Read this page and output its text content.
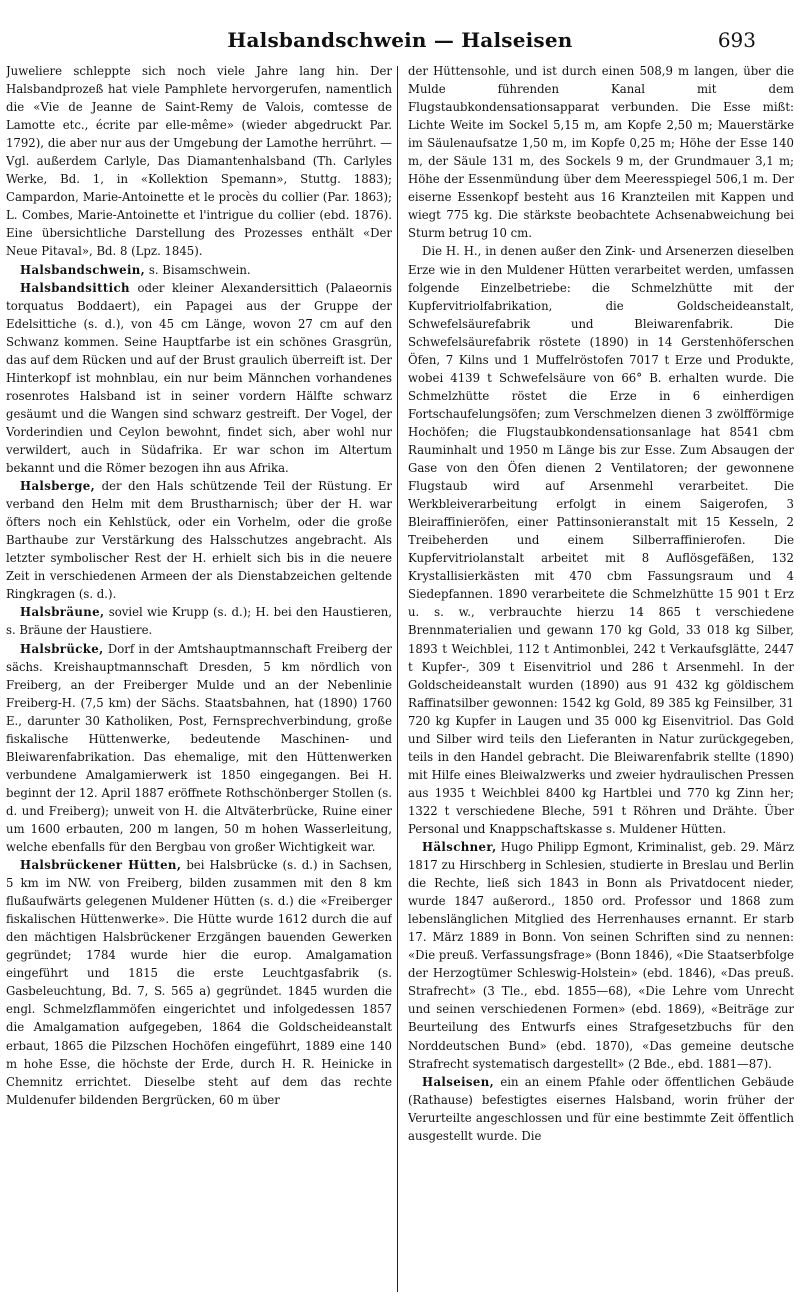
Halsbandschwein — Halseisen	693

Juweliere schleppte sich noch viele Jahre lang hin. Der Halsbandprozeß hat viele Pamphlete hervorgerufen, namentlich die «Vie de Jeanne de Saint-Remy de Valois, comtesse de Lamotte etc., écrite par elle-même» (wieder abgedruckt Par. 1792), die aber nur aus der Umgebung der Lamothe herrührt. — Vgl. außerdem Carlyle, Das Diamantenhalsband (Th. Carlyles Werke, Bd. 1, in «Kollektion Spemann», Stuttg. 1883); Campardon, Marie-Antoinette et le procès du collier (Par. 1863); L. Combes, Marie-Antoinette et l'intrigue du collier (ebd. 1876). Eine übersichtliche Darstellung des Prozesses enthält «Der Neue Pitaval», Bd. 8 (Lpz. 1845).

Halsbandschwein, s. Bisamschwein.

Halsbandsittich oder kleiner Alexandersittich (Palaeornis torquatus Boddaert), ein Papagei aus der Gruppe der Edelsittiche (s. d.), von 45 cm Länge, wovon 27 cm auf den Schwanz kommen. Seine Hauptfarbe ist ein schönes Grasgrün, das auf dem Rücken und auf der Brust graulich überreift ist. Der Hinterkopf ist mohnblau, ein nur beim Männchen vorhandenes rosenrotes Halsband ist in seiner vordern Hälfte schwarz gesäumt und die Wangen sind schwarz gestreift. Der Vogel, der Vorderindien und Ceylon bewohnt, findet sich, aber wohl nur verwildert, auch in Südafrika. Er war schon im Altertum bekannt und die Römer bezogen ihn aus Afrika.

Halsberge, der den Hals schützende Teil der Rüstung. Er verband den Helm mit dem Brustharnisch; über der H. war öfters noch ein Kehlstück, oder ein Vorhelm, oder die große Barthaube zur Verstärkung des Halsschutzes angebracht. Als letzter symbolischer Rest der H. erhielt sich bis in die neuere Zeit in verschiedenen Armeen der als Dienstabzeichen geltende Ringkragen (s. d.).

Halsbräune, soviel wie Krupp (s. d.); H. bei den Haustieren, s. Bräune der Haustiere.

Halsbrücke, Dorf in der Amtshauptmannschaft Freiberg der sächs. Kreishauptmannschaft Dresden, 5 km nördlich von Freiberg, an der Freiberger Mulde und an der Nebenlinie Freiberg-H. (7,5 km) der Sächs. Staatsbahnen, hat (1890) 1760 E., darunter 30 Katholiken, Post, Fernsprechverbindung, große fiskalische Hüttenwerke, bedeutende Maschinen- und Bleiwarenfabrikation. Das ehemalige, mit den Hüttenwerken verbundene Amalgamierwerk ist 1850 eingegangen. Bei H. beginnt der 12. April 1887 eröffnete Rothschönberger Stollen (s. d. und Freiberg); unweit von H. die Altväterbrücke, Ruine einer um 1600 erbauten, 200 m langen, 50 m hohen Wasserleitung, welche ebenfalls für den Bergbau von großer Wichtigkeit war.

Halsbrückener Hütten, bei Halsbrücke (s. d.) in Sachsen, 5 km im NW. von Freiberg, bilden zusammen mit den 8 km flußaufwärts gelegenen Muldener Hütten (s. d.) die «Freiberger fiskalischen Hüttenwerke». Die Hütte wurde 1612 durch die auf den mächtigen Halsbrückener Erzgängen bauenden Gewerken gegründet; 1784 wurde hier die europ. Amalgamation eingeführt und 1815 die erste Leuchtgasfabrik (s. Gasbeleuchtung, Bd. 7, S. 565 a) gegründet. 1845 wurden die engl. Schmelzflammöfen eingerichtet und infolgedessen 1857 die Amalgamation aufgegeben, 1864 die Goldscheideanstalt erbaut, 1865 die Pilzschen Hochöfen eingeführt, 1889 eine 140 m hohe Esse, die höchste der Erde, durch H. R. Heinicke in Chemnitz errichtet. Dieselbe steht auf dem das rechte Muldenufer bildenden Bergrücken, 60 m über

der Hüttensohle, und ist durch einen 508,9 m langen, über die Mulde führenden Kanal mit dem Flugstaubkondensationsapparat verbunden. Die Esse mißt: Lichte Weite im Sockel 5,15 m, am Kopfe 2,50 m; Mauerstärke im Säulenaufsatze 1,50 m, im Kopfe 0,25 m; Höhe der Esse 140 m, der Säule 131 m, des Sockels 9 m, der Grundmauer 3,1 m; Höhe der Essenmündung über dem Meeresspiegel 506,1 m. Der eiserne Essenkopf besteht aus 16 Kranzteilen mit Kappen und wiegt 775 kg. Die stärkste beobachtete Achsenabweichung bei Sturm betrug 10 cm.

Die H. H., in denen außer den Zink- und Arsenerzen dieselben Erze wie in den Muldener Hütten verarbeitet werden, umfassen folgende Einzelbetriebe: die Schmelzhütte mit der Kupfervitriolfabrikation, die Goldscheideanstalt, Schwefelsäurefabrik und Bleiwarenfabrik. Die Schwefelsäurefabrik röstete (1890) in 14 Gerstenhöferschen Öfen, 7 Kilns und 1 Muffelröstofen 7017 t Erze und Produkte, wobei 4139 t Schwefelsäure von 66° B. erhalten wurde. Die Schmelzhütte röstet die Erze in 6 einherdigen Fortschaufelungsöfen; zum Verschmelzen dienen 3 zwölfförmige Hochöfen; die Flugstaubkondensationsanlage hat 8541 cbm Rauminhalt und 1950 m Länge bis zur Esse. Zum Absaugen der Gase von den Öfen dienen 2 Ventilatoren; der gewonnene Flugstaub wird auf Arsenmehl verarbeitet. Die Werkbleiverarbeitung erfolgt in einem Saigerofen, 3 Bleiraffinieröfen, einer Pattinsonieranstalt mit 15 Kesseln, 2 Treibeherden und einem Silberraffinierofen. Die Kupfervitriolanstalt arbeitet mit 8 Auflösgefäßen, 132 Krystallisierkästen mit 470 cbm Fassungsraum und 4 Siedepfannen. 1890 verarbeitete die Schmelzhütte 15 901 t Erz u. s. w., verbrauchte hierzu 14 865 t verschiedene Brennmaterialien und gewann 170 kg Gold, 33 018 kg Silber, 1893 t Weichblei, 112 t Antimonblei, 242 t Verkaufsglätte, 2447 t Kupfer-, 309 t Eisenvitriol und 286 t Arsenmehl. In der Goldscheideanstalt wurden (1890) aus 91 432 kg göldischem Raffinatsilber gewonnen: 1542 kg Gold, 89 385 kg Feinsilber, 31 720 kg Kupfer in Laugen und 35 000 kg Eisenvitriol. Das Gold und Silber wird teils den Lieferanten in Natur zurückgegeben, teils in den Handel gebracht. Die Bleiwarenfabrik stellte (1890) mit Hilfe eines Bleiwalzwerks und zweier hydraulischen Pressen aus 1935 t Weichblei 8400 kg Hartblei und 770 kg Zinn her; 1322 t verschiedene Bleche, 591 t Röhren und Drähte. Über Personal und Knappschaftskasse s. Muldener Hütten.

Hälschner, Hugo Philipp Egmont, Kriminalist, geb. 29. März 1817 zu Hirschberg in Schlesien, studierte in Breslau und Berlin die Rechte, ließ sich 1843 in Bonn als Privatdocent nieder, wurde 1847 außerord., 1850 ord. Professor und 1868 zum lebenslänglichen Mitglied des Herrenhauses ernannt. Er starb 17. März 1889 in Bonn. Von seinen Schriften sind zu nennen: «Die preuß. Verfassungsfrage» (Bonn 1846), «Die Staatserbfolge der Herzogtümer Schleswig-Holstein» (ebd. 1846), «Das preuß. Strafrecht» (3 Tle., ebd. 1855—68), «Die Lehre vom Unrecht und seinen verschiedenen Formen» (ebd. 1869), «Beiträge zur Beurteilung des Entwurfs eines Strafgesetzbuchs für den Norddeutschen Bund» (ebd. 1870), «Das gemeine deutsche Strafrecht systematisch dargestellt» (2 Bde., ebd. 1881—87).

Halseisen, ein an einem Pfahle oder öffentlichen Gebäude (Rathause) befestigtes eisernes Halsband, worin früher der Verurteilte angeschlossen und für eine bestimmte Zeit öffentlich ausgestellt wurde. Die
